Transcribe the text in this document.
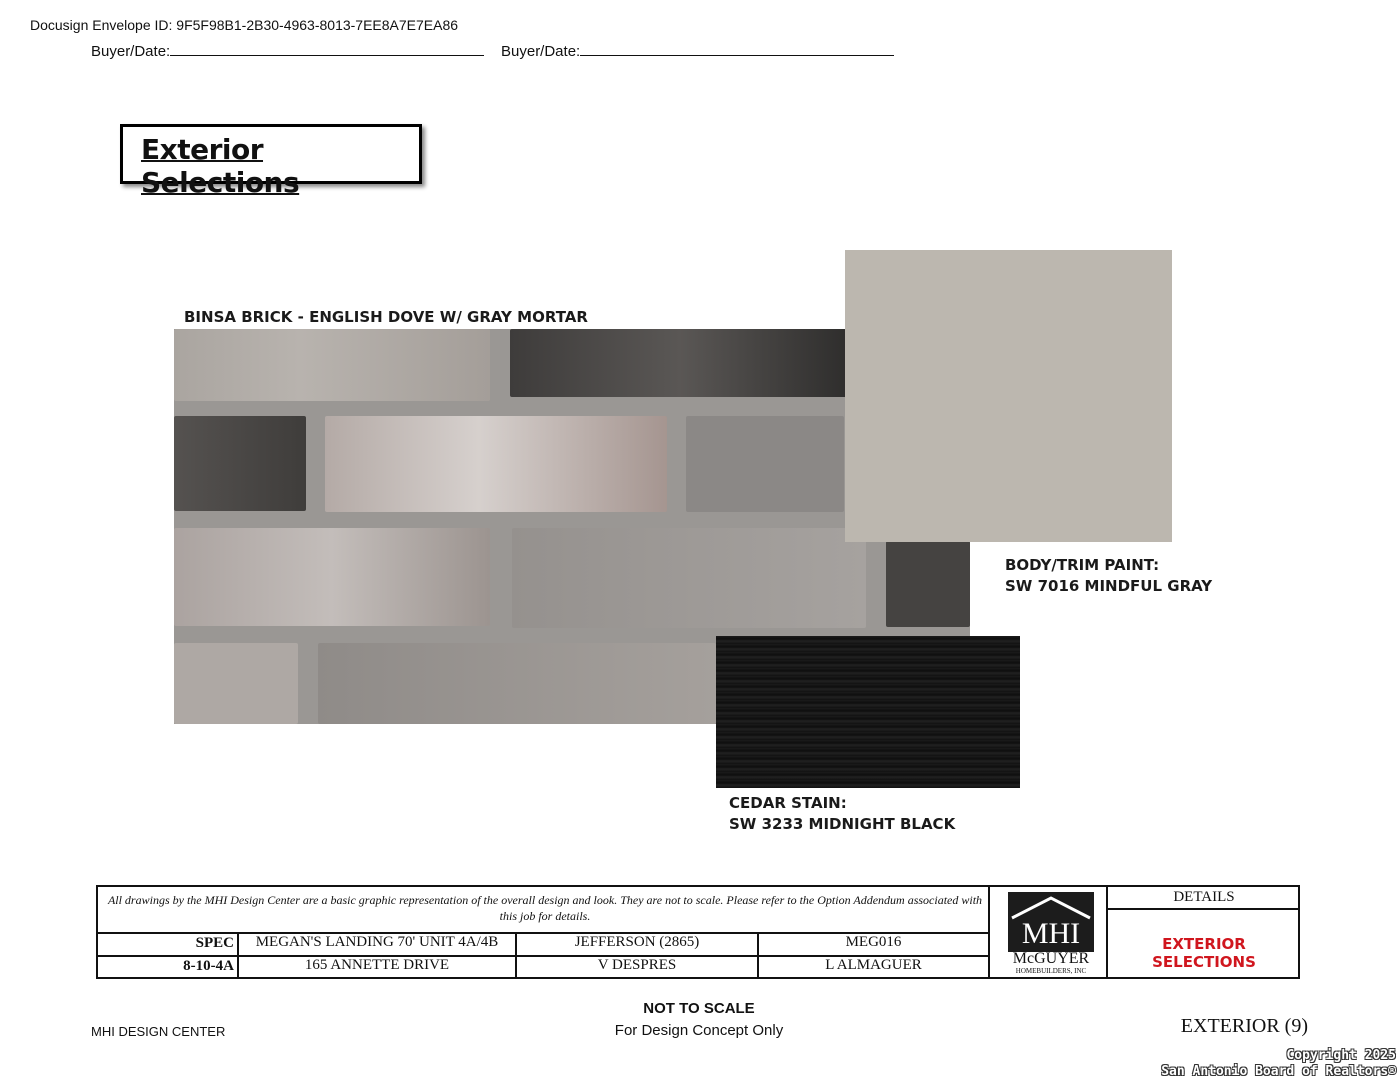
Docusign Envelope ID: 9F5F98B1-2B30-4963-8013-7EE8A7E7EA86
Buyer/Date:	Buyer/Date:
Exterior Selections
BINSA BRICK - ENGLISH DOVE W/ GRAY MORTAR
BODY/TRIM PAINT:
SW 7016 MINDFUL GRAY
CEDAR STAIN:
SW 3233 MIDNIGHT BLACK
All drawings by the MHI Design Center are a basic graphic representation of the overall design and look. They are not to scale. Please refer to the Option Addendum associated with this job for details.
SPEC	MEGAN'S LANDING 70' UNIT 4A/4B	JEFFERSON (2865)	MEG016
8-10-4A	165 ANNETTE DRIVE	V DESPRES	L ALMAGUER
MHI
McGUYER
HOMEBUILDERS, INC
DETAILS
EXTERIOR SELECTIONS
MHI DESIGN CENTER
NOT TO SCALE
For Design Concept Only	EXTERIOR (9)
Copyright 2025
San Antonio Board of Realtors®
